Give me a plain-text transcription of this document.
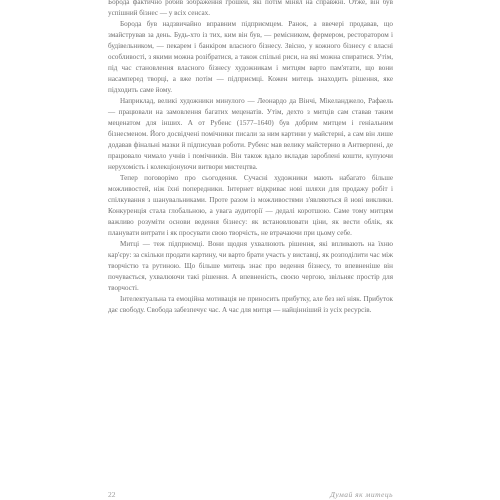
Борода фактично робив зображення грошей, які потім мінял на справжні. Отже, він був успішний бізнес — у всіх сенсах.

Борода був надзвичайно вправним підприємцем. Ранок, а ввечері продавав, що змайстрував за день. Будь-хто із тих, ким він був, — ремісником, фермером, ресторатором і будівельником, — пекарем і банкіром власного бізнесу. Звісно, у кожного бізнесу є власні особливості, з якими можна розібратися, а також спільні риси, на які можна спиратися. Утім, під час становлення власного бізнесу художникам і митцям варто пам'ятати, що вони насамперед творці, а вже потім — підприємці. Кожен митець знаходить рішення, яке підходить саме йому.

Наприклад, великі художники минулого — Леонардо да Вінчі, Мікеланджело, Рафаель — працювали на замовлення багатих меценатів. Утім, дехто з митців сам ставав таким меценатом для інших. А от Рубенс (1577–1640) був добрим митцем і геніальним бізнесменом. Його досвідчені помічники писали за ним картини у майстерні, а сам він лише додавав фінальні мазки й підписував роботи. Рубенс мав велику майстерню в Антверпені, де працювало чимало учнів і помічників. Він також вдало вкладав зароблені кошти, купуючи нерухомість і колекціонуючи витвори мистецтва.

Тепер поговорімо про сьогодення. Сучасні художники мають набагато більше можливостей, ніж їхні попередники. Інтернет відкриває нові шляхи для продажу робіт і спілкування з шанувальниками. Проте разом із можливостями з'являються й нові виклики. Конкуренція стала глобальною, а увага аудиторії — дедалі коротшою. Саме тому митцям важливо розуміти основи ведення бізнесу: як встановлювати ціни, як вести облік, як планувати витрати і як просувати свою творчість, не втрачаючи при цьому себе.

Митці — теж підприємці. Вони щодня ухвалюють рішення, які впливають на їхню кар'єру: за скільки продати картину, чи варто брати участь у виставці, як розподілити час між творчістю та рутиною. Що більше митець знає про ведення бізнесу, то впевненіше він почувається, ухвалюючи такі рішення. А впевненість, своєю чергою, звільняє простір для творчості.

Інтелектуальна та емоційна мотивація не приносить прибутку, але без неї ніяк. Прибуток дає свободу. Свобода забезпечує час. А час для митця — найцінніший із усіх ресурсів.

22	Думай як митець
